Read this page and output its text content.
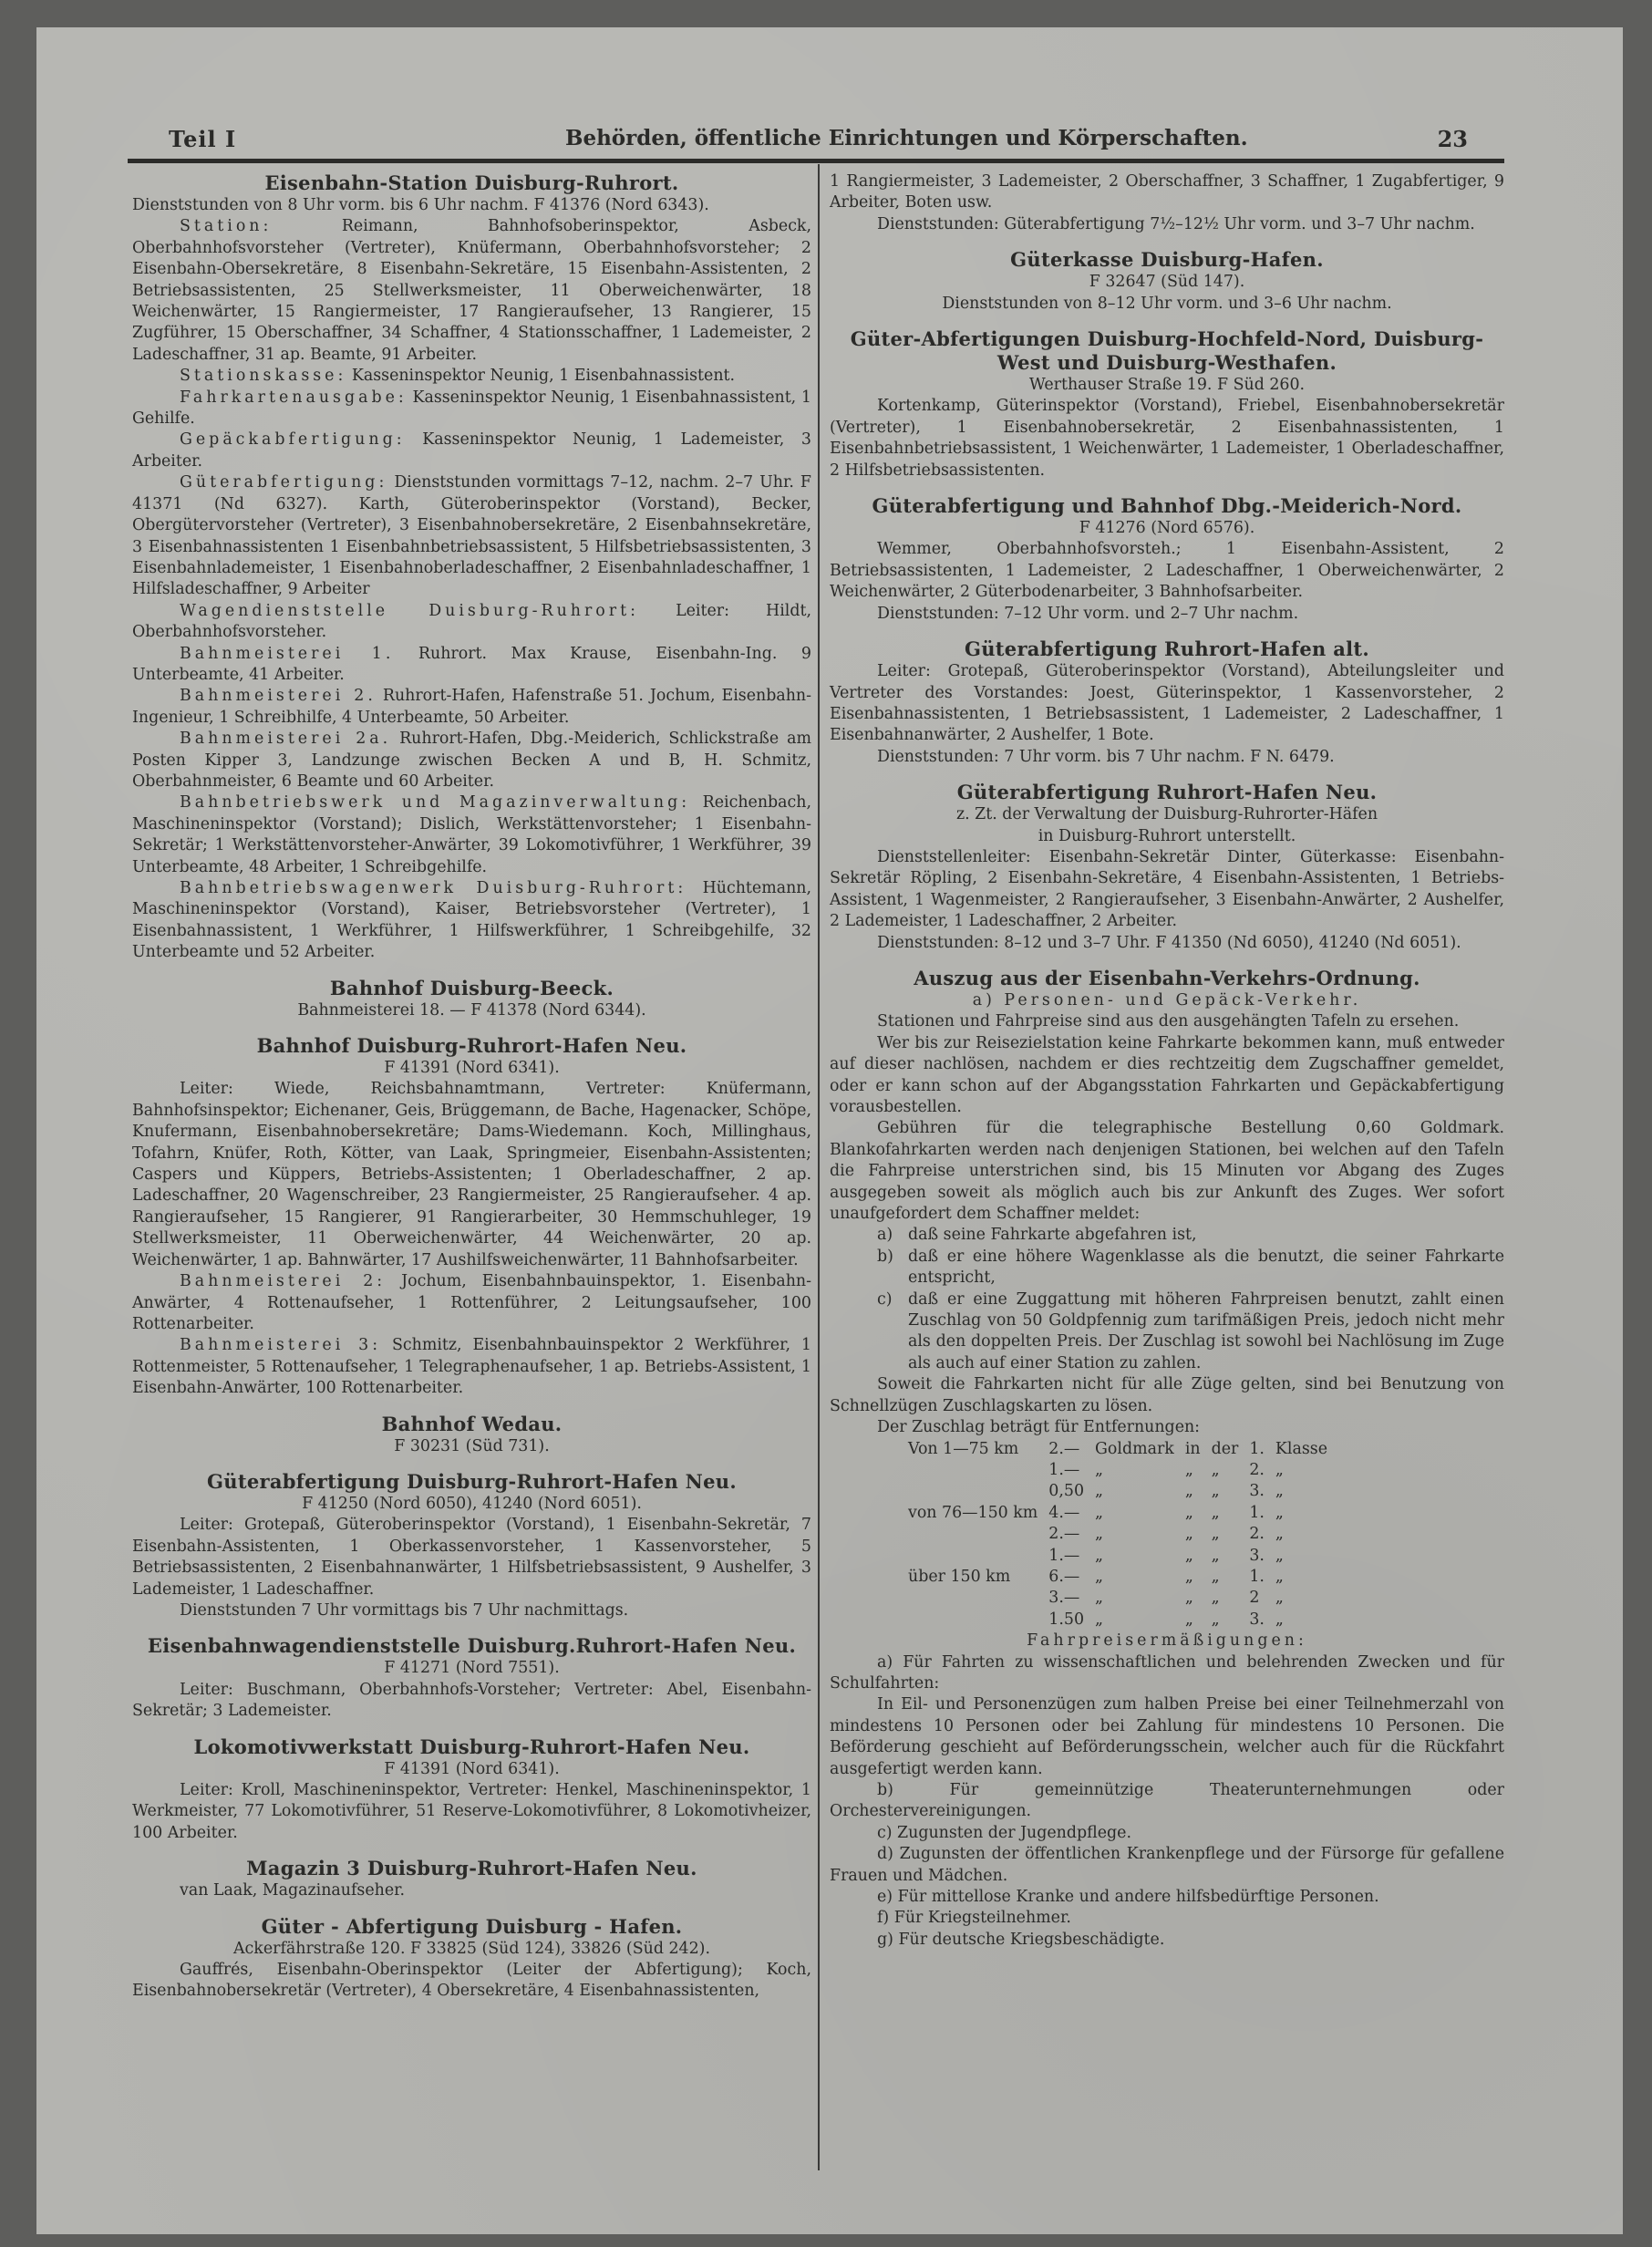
Teil I	Behörden, öffentliche Einrichtungen und Körperschaften.	23
Eisenbahn-Station Duisburg-Ruhrort.

Dienststunden von 8 Uhr vorm. bis 6 Uhr nachm. F 41376 (Nord 6343).

Station: Reimann, Bahnhofsoberinspektor, Asbeck, Oberbahnhofsvorsteher (Vertreter), Knüfermann, Oberbahnhofsvorsteher; 2 Eisenbahn-Obersekretäre, 8 Eisenbahn-Sekretäre, 15 Eisenbahn-Assistenten, 2 Betriebsassistenten, 25 Stellwerksmeister, 11 Oberweichenwärter, 18 Weichenwärter, 15 Rangiermeister, 17 Rangieraufseher, 13 Rangierer, 15 Zugführer, 15 Oberschaffner, 34 Schaffner, 4 Stationsschaffner, 1 Lademeister, 2 Ladeschaffner, 31 ap. Beamte, 91 Arbeiter.

Stationskasse: Kasseninspektor Neunig, 1 Eisenbahnassistent.

Fahrkartenausgabe: Kasseninspektor Neunig, 1 Eisenbahnassistent, 1 Gehilfe.

Gepäckabfertigung: Kasseninspektor Neunig, 1 Lademeister, 3 Arbeiter.

Güterabfertigung: Dienststunden vormittags 7–12, nachm. 2–7 Uhr. F 41371 (Nd 6327). Karth, Güteroberinspektor (Vorstand), Becker, Obergütervorsteher (Vertreter), 3 Eisenbahnobersekretäre, 2 Eisenbahnsekretäre, 3 Eisenbahnassistenten 1 Eisenbahnbetriebsassistent, 5 Hilfsbetriebsassistenten, 3 Eisenbahnlademeister, 1 Eisenbahnoberladeschaffner, 2 Eisenbahnladeschaffner, 1 Hilfsladeschaffner, 9 Arbeiter

Wagendienststelle Duisburg-Ruhrort: Leiter: Hildt, Oberbahnhofsvorsteher.

Bahnmeisterei 1. Ruhrort. Max Krause, Eisenbahn-Ing. 9 Unterbeamte, 41 Arbeiter.

Bahnmeisterei 2. Ruhrort-Hafen, Hafenstraße 51. Jochum, Eisenbahn-Ingenieur, 1 Schreibhilfe, 4 Unterbeamte, 50 Arbeiter.

Bahnmeisterei 2a. Ruhrort-Hafen, Dbg.-Meiderich, Schlickstraße am Posten Kipper 3, Landzunge zwischen Becken A und B, H. Schmitz, Oberbahnmeister, 6 Beamte und 60 Arbeiter.

Bahnbetriebswerk und Magazinverwaltung: Reichenbach, Maschineninspektor (Vorstand); Dislich, Werkstättenvorsteher; 1 Eisenbahn-Sekretär; 1 Werkstättenvorsteher-Anwärter, 39 Lokomotivführer, 1 Werkführer, 39 Unterbeamte, 48 Arbeiter, 1 Schreibgehilfe.

Bahnbetriebswagenwerk Duisburg-Ruhrort: Hüchtemann, Maschineninspektor (Vorstand), Kaiser, Betriebsvorsteher (Vertreter), 1 Eisenbahnassistent, 1 Werkführer, 1 Hilfswerkführer, 1 Schreibgehilfe, 32 Unterbeamte und 52 Arbeiter.

Bahnhof Duisburg-Beeck.
Bahnmeisterei 18. — F 41378 (Nord 6344).
Bahnhof Duisburg-Ruhrort-Hafen Neu.
F 41391 (Nord 6341).

Leiter: Wiede, Reichsbahnamtmann, Vertreter: Knüfermann, Bahnhofsinspektor; Eichenaner, Geis, Brüggemann, de Bache, Hagenacker, Schöpe, Knufermann, Eisenbahnobersekretäre; Dams-Wiedemann. Koch, Millinghaus, Tofahrn, Knüfer, Roth, Kötter, van Laak, Springmeier, Eisenbahn-Assistenten; Caspers und Küppers, Betriebs-Assistenten; 1 Oberladeschaffner, 2 ap. Ladeschaffner, 20 Wagenschreiber, 23 Rangiermeister, 25 Rangieraufseher. 4 ap. Rangieraufseher, 15 Rangierer, 91 Rangierarbeiter, 30 Hemmschuhleger, 19 Stellwerksmeister, 11 Oberweichenwärter, 44 Weichenwärter, 20 ap. Weichenwärter, 1 ap. Bahnwärter, 17 Aushilfsweichenwärter, 11 Bahnhofsarbeiter.

Bahnmeisterei 2: Jochum, Eisenbahnbauinspektor, 1. Eisenbahn-Anwärter, 4 Rottenaufseher, 1 Rottenführer, 2 Leitungsaufseher, 100 Rottenarbeiter.

Bahnmeisterei 3: Schmitz, Eisenbahnbauinspektor 2 Werkführer, 1 Rottenmeister, 5 Rottenaufseher, 1 Telegraphenaufseher, 1 ap. Betriebs-Assistent, 1 Eisenbahn-Anwärter, 100 Rottenarbeiter.

Bahnhof Wedau.
F 30231 (Süd 731).
Güterabfertigung Duisburg-Ruhrort-Hafen Neu.
F 41250 (Nord 6050), 41240 (Nord 6051).

Leiter: Grotepaß, Güteroberinspektor (Vorstand), 1 Eisenbahn-Sekretär, 7 Eisenbahn-Assistenten, 1 Oberkassenvorsteher, 1 Kassenvorsteher, 5 Betriebsassistenten, 2 Eisenbahnanwärter, 1 Hilfsbetriebsassistent, 9 Aushelfer, 3 Lademeister, 1 Ladeschaffner.

Dienststunden 7 Uhr vormittags bis 7 Uhr nachmittags.

Eisenbahnwagendienststelle Duisburg.Ruhrort-Hafen Neu.
F 41271 (Nord 7551).

Leiter: Buschmann, Oberbahnhofs-Vorsteher; Vertreter: Abel, Eisenbahn-Sekretär; 3 Lademeister.

Lokomotivwerkstatt Duisburg-Ruhrort-Hafen Neu.
F 41391 (Nord 6341).

Leiter: Kroll, Maschineninspektor, Vertreter: Henkel, Maschineninspektor, 1 Werkmeister, 77 Lokomotivführer, 51 Reserve-Lokomotivführer, 8 Lokomotivheizer, 100 Arbeiter.

Magazin 3 Duisburg-Ruhrort-Hafen Neu.

van Laak, Magazinaufseher.

Güter - Abfertigung Duisburg - Hafen.
Ackerfährstraße 120. F 33825 (Süd 124), 33826 (Süd 242).

Gauffrés, Eisenbahn-Oberinspektor (Leiter der Abfertigung); Koch, Eisenbahnobersekretär (Vertreter), 4 Obersekretäre, 4 Eisenbahnassistenten,

1 Rangiermeister, 3 Lademeister, 2 Oberschaffner, 3 Schaffner, 1 Zugabfertiger, 9 Arbeiter, Boten usw.

Dienststunden: Güterabfertigung 7½–12½ Uhr vorm. und 3–7 Uhr nachm.

Güterkasse Duisburg-Hafen.
F 32647 (Süd 147).
Dienststunden von 8–12 Uhr vorm. und 3–6 Uhr nachm.
Güter-Abfertigungen Duisburg-Hochfeld-Nord, Duisburg-West und Duisburg-Westhafen.
Werthauser Straße 19. F Süd 260.

Kortenkamp, Güterinspektor (Vorstand), Friebel, Eisenbahnobersekretär (Vertreter), 1 Eisenbahnobersekretär, 2 Eisenbahnassistenten, 1 Eisenbahnbetriebsassistent, 1 Weichenwärter, 1 Lademeister, 1 Oberladeschaffner, 2 Hilfsbetriebsassistenten.

Güterabfertigung und Bahnhof Dbg.-Meiderich-Nord.
F 41276 (Nord 6576).

Wemmer, Oberbahnhofsvorsteh.; 1 Eisenbahn-Assistent, 2 Betriebsassistenten, 1 Lademeister, 2 Ladeschaffner, 1 Oberweichenwärter, 2 Weichenwärter, 2 Güterbodenarbeiter, 3 Bahnhofsarbeiter.

Dienststunden: 7–12 Uhr vorm. und 2–7 Uhr nachm.

Güterabfertigung Ruhrort-Hafen alt.

Leiter: Grotepaß, Güteroberinspektor (Vorstand), Abteilungsleiter und Vertreter des Vorstandes: Joest, Güterinspektor, 1 Kassenvorsteher, 2 Eisenbahnassistenten, 1 Betriebsassistent, 1 Lademeister, 2 Ladeschaffner, 1 Eisenbahnanwärter, 2 Aushelfer, 1 Bote.

Dienststunden: 7 Uhr vorm. bis 7 Uhr nachm. F N. 6479.

Güterabfertigung Ruhrort-Hafen Neu.
z. Zt. der Verwaltung der Duisburg-Ruhrorter-Häfen
in Duisburg-Ruhrort unterstellt.

Dienststellenleiter: Eisenbahn-Sekretär Dinter, Güterkasse: Eisenbahn-Sekretär Röpling, 2 Eisenbahn-Sekretäre, 4 Eisenbahn-Assistenten, 1 Betriebs-Assistent, 1 Wagenmeister, 2 Rangieraufseher, 3 Eisenbahn-Anwärter, 2 Aushelfer, 2 Lademeister, 1 Ladeschaffner, 2 Arbeiter.

Dienststunden: 8–12 und 3–7 Uhr. F 41350 (Nd 6050), 41240 (Nd 6051).

Auszug aus der Eisenbahn-Verkehrs-Ordnung.
a) Personen- und Gepäck-Verkehr.

Stationen und Fahrpreise sind aus den ausgehängten Tafeln zu ersehen.

Wer bis zur Reisezielstation keine Fahrkarte bekommen kann, muß entweder auf dieser nachlösen, nachdem er dies rechtzeitig dem Zugschaffner gemeldet, oder er kann schon auf der Abgangsstation Fahrkarten und Gepäckabfertigung vorausbestellen.

Gebühren für die telegraphische Bestellung 0,60 Goldmark. Blankofahrkarten werden nach denjenigen Stationen, bei welchen auf den Tafeln die Fahrpreise unterstrichen sind, bis 15 Minuten vor Abgang des Zuges ausgegeben soweit als möglich auch bis zur Ankunft des Zuges. Wer sofort unaufgefordert dem Schaffner meldet:

a) daß seine Fahrkarte abgefahren ist,
b) daß er eine höhere Wagenklasse als die benutzt, die seiner Fahrkarte entspricht,
c) daß er eine Zuggattung mit höheren Fahrpreisen benutzt, zahlt einen Zuschlag von 50 Goldpfennig zum tarifmäßigen Preis, jedoch nicht mehr als den doppelten Preis. Der Zuschlag ist sowohl bei Nachlösung im Zuge als auch auf einer Station zu zahlen.

Soweit die Fahrkarten nicht für alle Züge gelten, sind bei Benutzung von Schnellzügen Zuschlagskarten zu lösen.

Der Zuschlag beträgt für Entfernungen:

Von 1—75 km	2.—	Goldmark	in	der	1.	Klasse
	1.—	„	„	„	2.	„
	0,50	„	„	„	3.	„
von 76—150 km	4.—	„	„	„	1.	„
	2.—	„	„	„	2.	„
	1.—	„	„	„	3.	„
über 150 km	6.—	„	„	„	1.	„
	3.—	„	„	„	2	„
	1.50	„	„	„	3.	„
Fahrpreisermäßigungen:

a) Für Fahrten zu wissenschaftlichen und belehrenden Zwecken und für Schulfahrten:

In Eil- und Personenzügen zum halben Preise bei einer Teilnehmerzahl von mindestens 10 Personen oder bei Zahlung für mindestens 10 Personen. Die Beförderung geschieht auf Beförderungsschein, welcher auch für die Rückfahrt ausgefertigt werden kann.

b) Für gemeinnützige Theaterunternehmungen oder Orchestervereinigungen.

c) Zugunsten der Jugendpflege.

d) Zugunsten der öffentlichen Krankenpflege und der Fürsorge für gefallene Frauen und Mädchen.

e) Für mittellose Kranke und andere hilfsbedürftige Personen.

f) Für Kriegsteilnehmer.

g) Für deutsche Kriegsbeschädigte.
